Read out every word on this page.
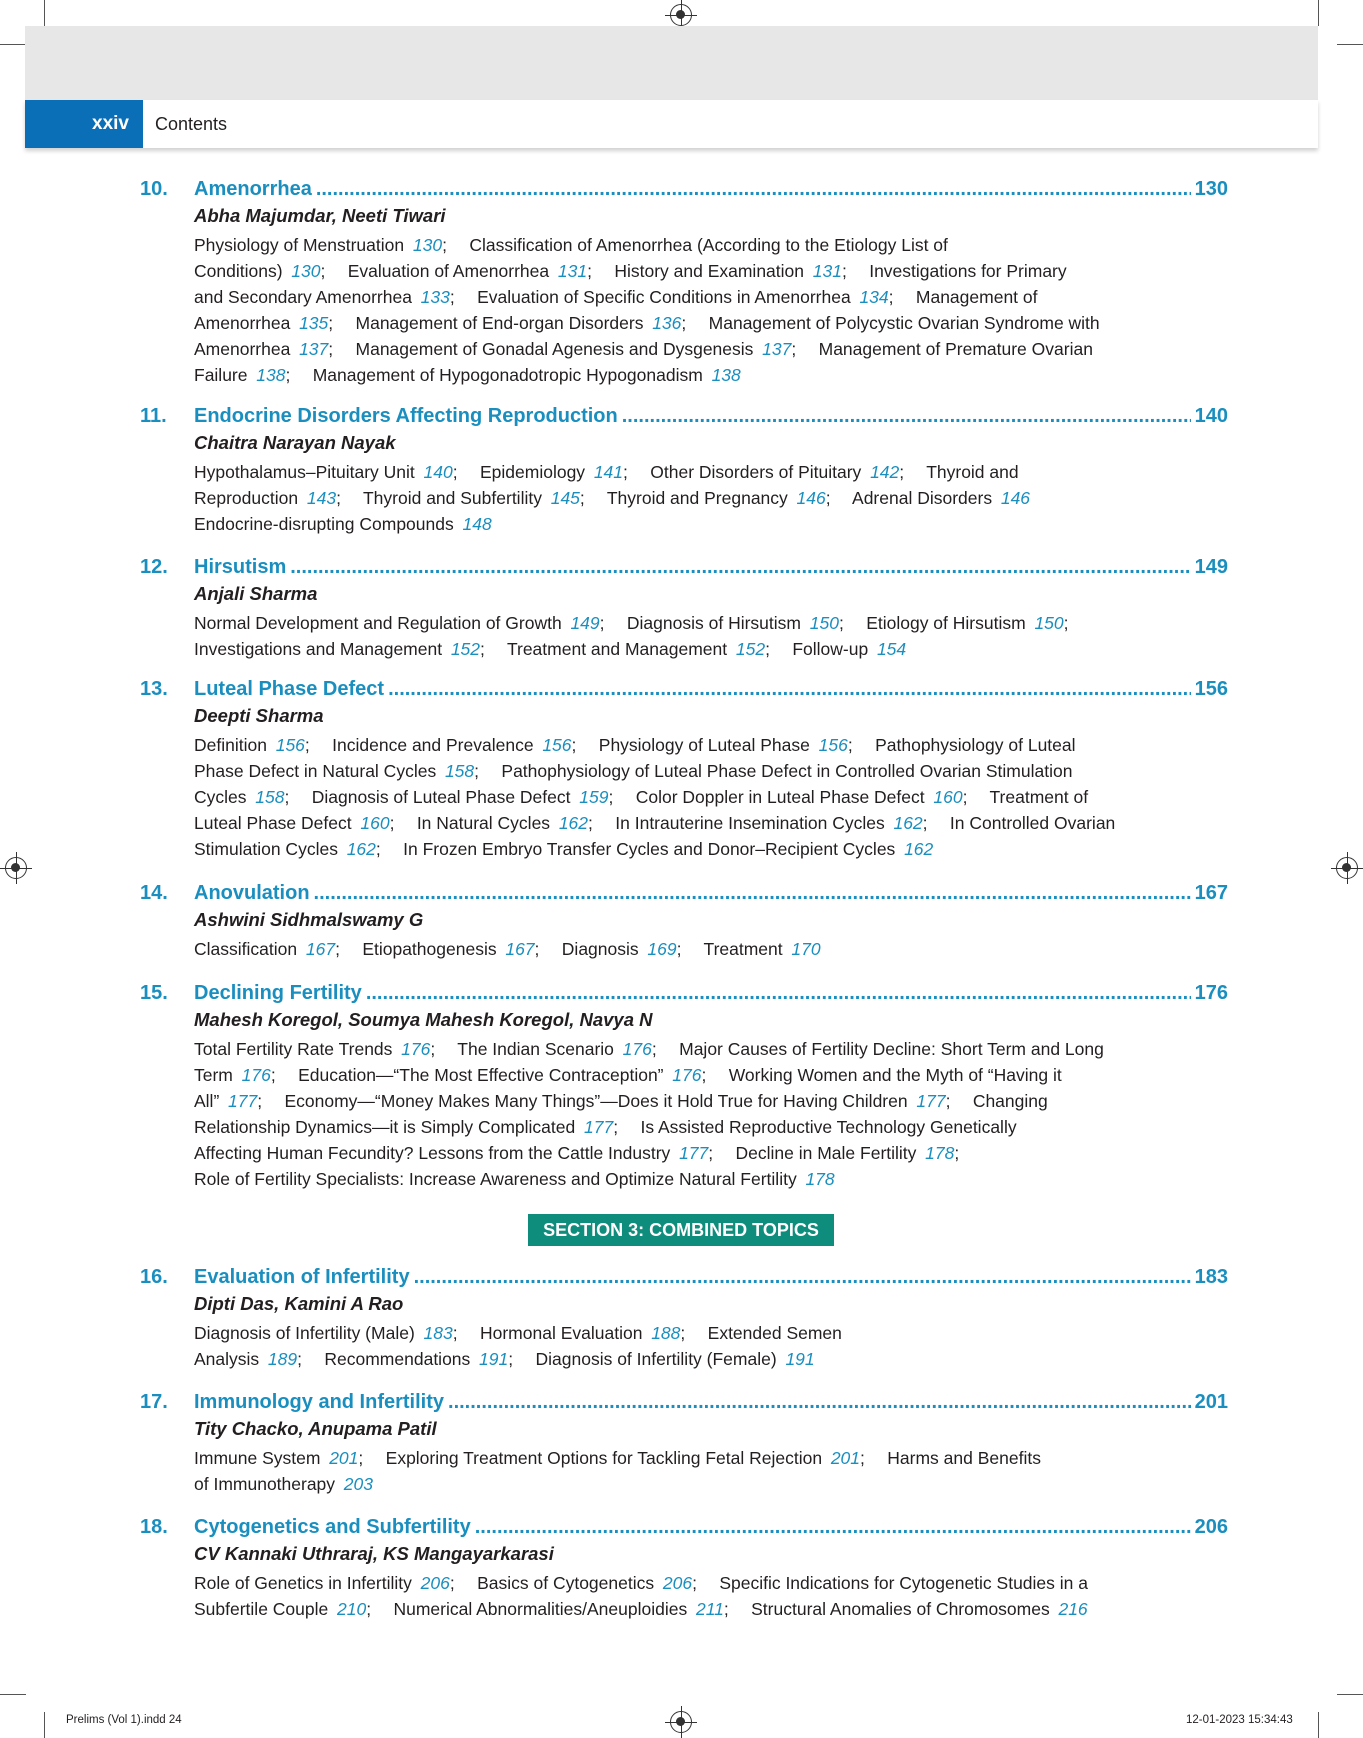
xxiv	Contents
10.	Amenorrhea .....	130
Abha Majumdar, Neeti Tiwari
Physiology of Menstruation  130;  Classification of Amenorrhea (According to the Etiology List of
Conditions)  130;  Evaluation of Amenorrhea  131;  History and Examination  131;  Investigations for Primary
and Secondary Amenorrhea  133;  Evaluation of Specific Conditions in Amenorrhea  134;  Management of
Amenorrhea  135;  Management of End-organ Disorders  136;  Management of Polycystic Ovarian Syndrome with
Amenorrhea  137;  Management of Gonadal Agenesis and Dysgenesis  137;  Management of Premature Ovarian
Failure  138;  Management of Hypogonadotropic Hypogonadism  138
11.	Endocrine Disorders Affecting Reproduction .....	140
Chaitra Narayan Nayak
Hypothalamus–Pituitary Unit  140;  Epidemiology  141;  Other Disorders of Pituitary  142;  Thyroid and
Reproduction  143;  Thyroid and Subfertility  145;  Thyroid and Pregnancy  146;  Adrenal Disorders  146
Endocrine-disrupting Compounds  148
12.	Hirsutism .....	149
Anjali Sharma
Normal Development and Regulation of Growth  149;  Diagnosis of Hirsutism  150;  Etiology of Hirsutism  150;
Investigations and Management  152;  Treatment and Management  152;  Follow-up  154
13.	Luteal Phase Defect .....	156
Deepti Sharma
Definition  156;  Incidence and Prevalence  156;  Physiology of Luteal Phase  156;  Pathophysiology of Luteal
Phase Defect in Natural Cycles  158;  Pathophysiology of Luteal Phase Defect in Controlled Ovarian Stimulation
Cycles  158;  Diagnosis of Luteal Phase Defect  159;  Color Doppler in Luteal Phase Defect  160;  Treatment of
Luteal Phase Defect  160;  In Natural Cycles  162;  In Intrauterine Insemination Cycles  162;  In Controlled Ovarian
Stimulation Cycles  162;  In Frozen Embryo Transfer Cycles and Donor–Recipient Cycles  162
14.	Anovulation .....	167
Ashwini Sidhmalswamy G
Classification  167;  Etiopathogenesis  167;  Diagnosis  169;  Treatment  170
15.	Declining Fertility .....	176
Mahesh Koregol, Soumya Mahesh Koregol, Navya N
Total Fertility Rate Trends  176;  The Indian Scenario  176;  Major Causes of Fertility Decline: Short Term and Long
Term  176;  Education—“The Most Effective Contraception”  176;  Working Women and the Myth of “Having it
All”  177;  Economy—“Money Makes Many Things”—Does it Hold True for Having Children  177;  Changing
Relationship Dynamics—it is Simply Complicated  177;  Is Assisted Reproductive Technology Genetically
Affecting Human Fecundity? Lessons from the Cattle Industry  177;  Decline in Male Fertility  178;
Role of Fertility Specialists: Increase Awareness and Optimize Natural Fertility  178
SECTION 3: COMBINED TOPICS
16.	Evaluation of Infertility .....	183
Dipti Das, Kamini A Rao
Diagnosis of Infertility (Male)  183;  Hormonal Evaluation  188;  Extended Semen
Analysis  189;  Recommendations  191;  Diagnosis of Infertility (Female)  191
17.	Immunology and Infertility .....	201
Tity Chacko, Anupama Patil
Immune System  201;  Exploring Treatment Options for Tackling Fetal Rejection  201;  Harms and Benefits
of Immunotherapy  203
18.	Cytogenetics and Subfertility .....	206
CV Kannaki Uthraraj, KS Mangayarkarasi
Role of Genetics in Infertility  206;  Basics of Cytogenetics  206;  Specific Indications for Cytogenetic Studies in a
Subfertile Couple  210;  Numerical Abnormalities/Aneuploidies  211;  Structural Anomalies of Chromosomes  216
Prelims (Vol 1).indd 24	12-01-2023 15:34:43
